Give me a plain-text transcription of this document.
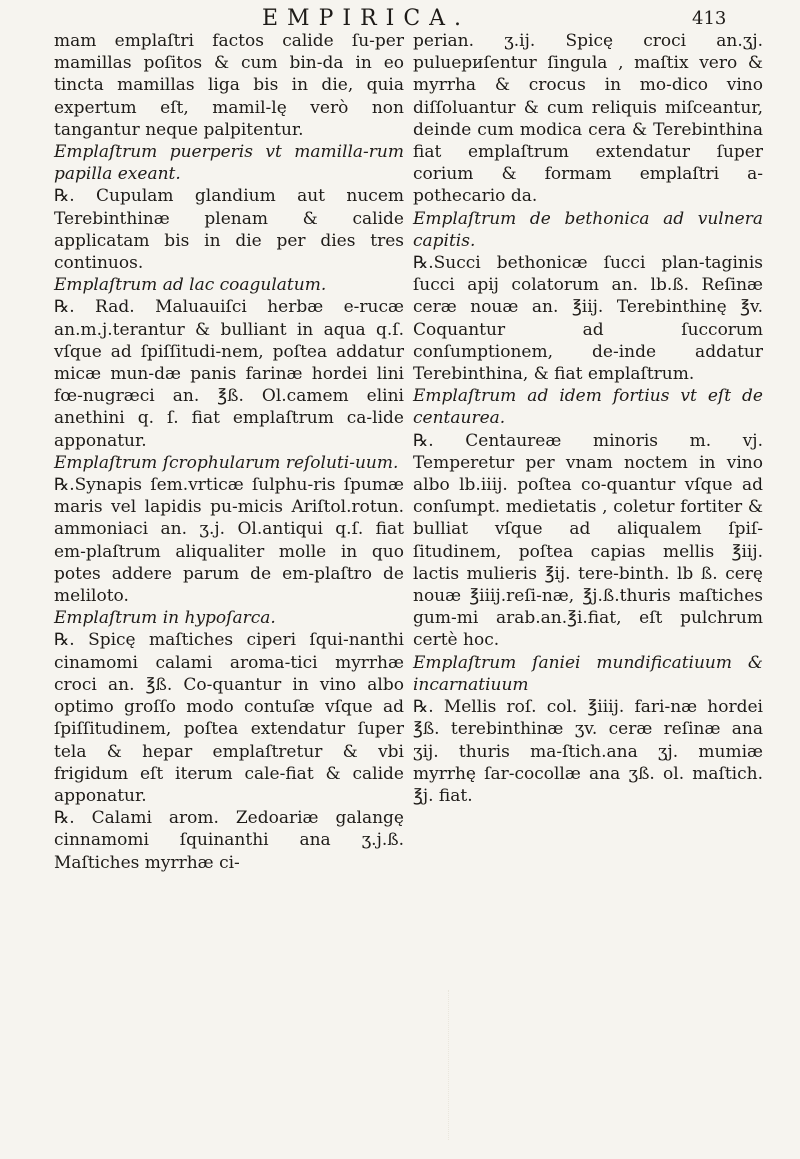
EMPIRICA.	413

mam emplaſtri factos calide ſu-per mamillas poſitos & cum bin-da in eo tincta mamillas liga bis in die, quia expertum eſt, mamil-lę verò non tangantur neque palpitentur.

Emplaſtrum puerperis vt mamilla-rum papilla exeant.

℞. Cupulam glandium aut nucem Terebinthinæ plenam & calide applicatam bis in die per dies tres continuos.

Emplaſtrum ad lac coagulatum.

℞. Rad. Maluauiſci herbæ e-rucæ an.m.j.terantur & bulliant in aqua q.ſ. vſque ad ſpiſſitudi-nem, poſtea addatur micæ mun-dæ panis farinæ hordei lini fœ-nugræci an. ℥ß. Ol.camem elini anethini q. ſ. fiat emplaſtrum ca-lide apponatur.

Emplaſtrum ſcrophularum reſoluti-uum.

℞.Synapis ſem.vrticæ ſulphu-ris ſpumæ maris vel lapidis pu-micis Ariſtol.rotun. ammoniaci an. ʒ.j. Ol.antiqui q.ſ. fiat em-plaſtrum aliqualiter molle in quo potes addere parum de em-plaſtro de meliloto.

Emplaſtrum in hypoſarca.

℞. Spicę maſtiches ciperi ſqui-nanthi cinamomi calami aroma-tici myrrhæ croci an. ℥ß. Co-quantur in vino albo optimo groſſo modo contuſæ vſque ad ſpiſſitudinem, poſtea extendatur ſuper tela & hepar emplaſtretur & vbi frigidum eſt iterum cale-fiat & calide apponatur.

℞. Calami arom. Zedoariæ galangę cinnamomi ſquinanthi ana ʒ.j.ß. Maſtiches myrrhæ ci-

perian. ʒ.ij. Spicę croci an.ʒj. puluериſentur ſingula , maſtix vero & myrrha & crocus in mo-dico vino diſſoluantur & cum reliquis miſceantur, deinde cum modica cera & Terebinthina fiat emplaſtrum extendatur ſuper corium & formam emplaſtri a-pothecario da.

Emplaſtrum de bethonica ad vulnera capitis.

℞.Succi bethonicæ ſucci plan-taginis ſucci apij colatorum an. lb.ß. Reſinæ ceræ nouæ an. ℥iij. Terebinthinę ℥v. Coquantur ad ſuccorum conſumptionem, de-inde addatur Terebinthina, & fiat emplaſtrum.

Emplaſtrum ad idem fortius vt eſt de centaurea.

℞. Centaureæ minoris m. vj. Temperetur per vnam noctem in vino albo lb.iiij. poſtea co-quantur vſque ad conſumpt. medietatis , coletur fortiter & bulliat vſque ad aliqualem ſpiſ-ſitudinem, poſtea capias mellis ℥iij. lactis mulieris ℥ij. tere-binth. lb ß. cerę nouæ ℥iiij.reſi-næ, ℥j.ß.thuris maſtiches gum-mi arab.an.℥i.fiat, eſt pulchrum certè hoc.

Emplaſtrum ſaniei mundificatiuum & incarnatiuum

℞. Mellis roſ. col. ℥iiij. fari-næ hordei ℥ß. terebinthinæ ʒv. ceræ reſinæ ana ʒij. thuris ma-ſtich.ana ʒj. mumiæ myrrhę ſar-cocollæ ana ʒß. ol. maſtich. ℥j. fiat.
